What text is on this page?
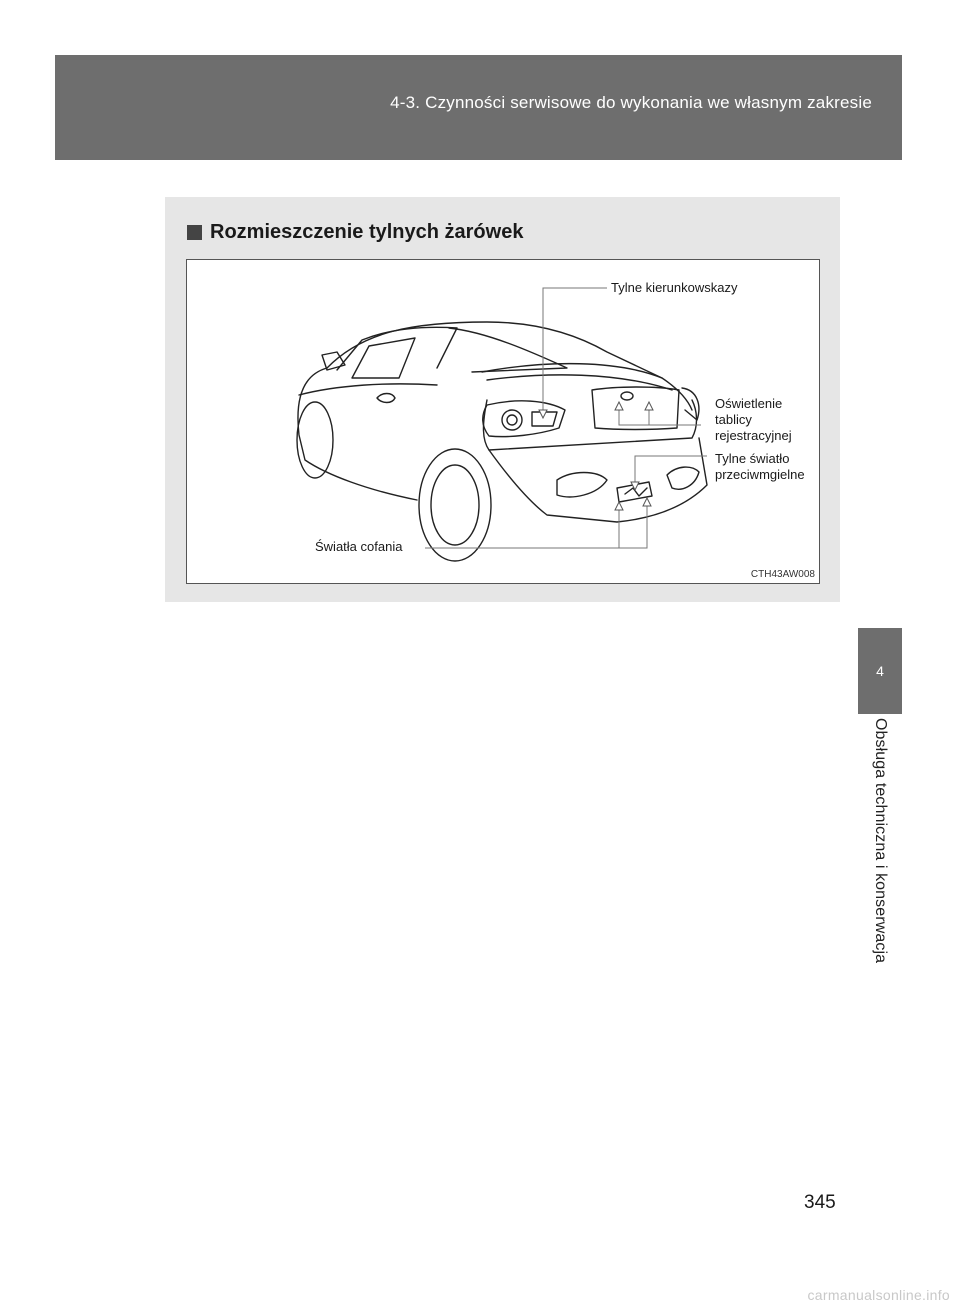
4-3. Czynności serwisowe do wykonania we własnym zakresie
4
Obsługa techniczna i konserwacja
Rozmieszczenie tylnych żarówek
Tylne kierunkowskazy
Oświetlenie
tablicy
rejestracyjnej
Tylne światło
przeciwmgielne
Światła cofania
CTH43AW008
345
carmanualsonline.info
